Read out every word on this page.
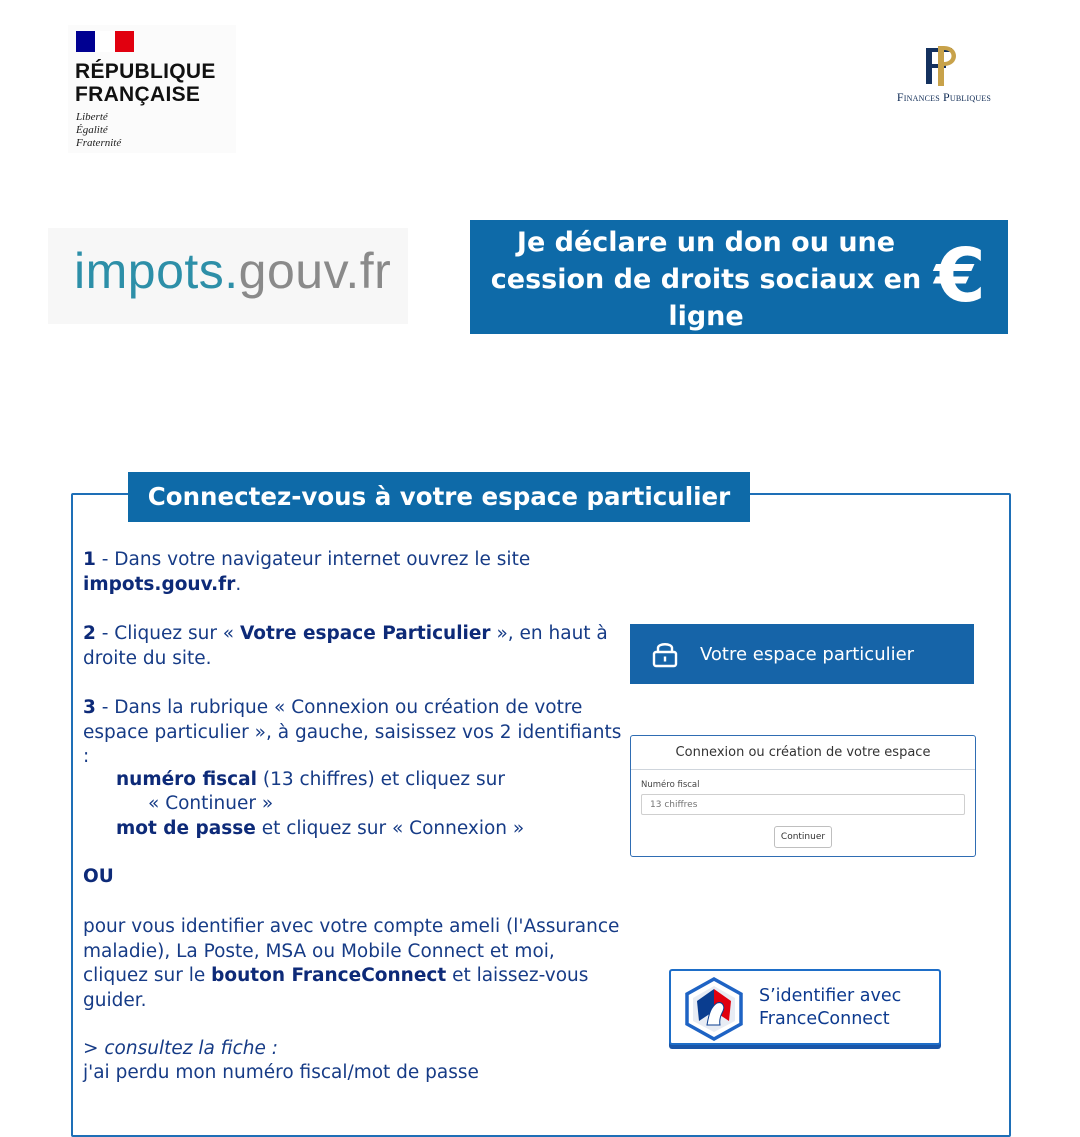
RÉPUBLIQUE
FRANÇAISE
Liberté
Égalité
Fraternité
Finances Publiques
impots.gouv.fr
Je déclare un don ou une cession de droits sociaux en ligne	€
Connectez-vous à votre espace particulier
1 - Dans votre navigateur internet ouvrez le site impots.gouv.fr.
2 - Cliquez sur « Votre espace Particulier », en haut à droite du site.
3 - Dans la rubrique « Connexion ou création de votre espace particulier », à gauche, saisissez vos 2 identifiants :
numéro fiscal (13 chiffres) et cliquez sur
« Continuer »
mot de passe et cliquez sur « Connexion »
OU
pour vous identifier avec votre compte ameli (l'Assurance maladie), La Poste, MSA ou Mobile Connect et moi, cliquez sur le bouton FranceConnect et laissez-vous guider.
> consultez la fiche :
j'ai perdu mon numéro fiscal/mot de passe
Votre espace particulier
Connexion ou création de votre espace
Numéro fiscal
13 chiffres
Continuer
S’identifier avec
FranceConnect
